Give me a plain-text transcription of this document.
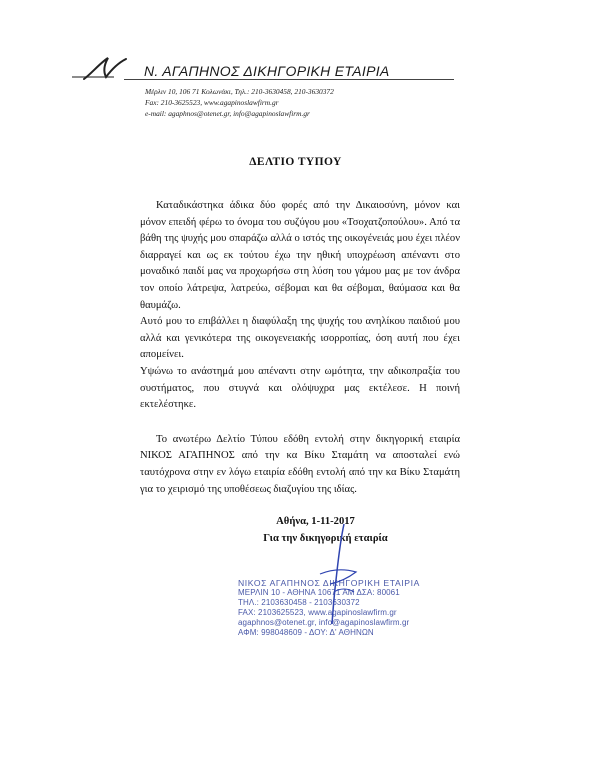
Ν. ΑΓΑΠΗΝΟΣ ΔΙΚΗΓΟΡΙΚΗ ΕΤΑΙΡΙΑ
Μέρλιν 10, 106 71 Κολωνάκι, Τηλ.: 210-3630458, 210-3630372
Fax: 210-3625523, www.agapinoslawfirm.gr
e-mail: agaphnos@otenet.gr, info@agapinoslawfirm.gr
ΔΕΛΤΙΟ ΤΥΠΟΥ
Καταδικάστηκα άδικα δύο φορές από την Δικαιοσύνη, μόνον και μόνον επειδή φέρω το όνομα του συζύγου μου «Τσοχατζοπούλου». Από τα βάθη της ψυχής μου σπαράζω αλλά ο ιστός της οικογένειάς μου έχει πλέον διαρραγεί και ως εκ τούτου έχω την ηθική υποχρέωση απέναντι στο μοναδικό παιδί μας να προχωρήσω στη λύση του γάμου μας με τον άνδρα τον οποίο λάτρεψα, λατρεύω, σέβομαι και θα σέβομαι, θαύμασα και θα θαυμάζω.
Αυτό μου το επιβάλλει η διαφύλαξη της ψυχής του ανηλίκου παιδιού μου αλλά και γενικότερα της οικογενειακής ισορροπίας, όση αυτή που έχει απομείνει.
Υψώνω το ανάστημά μου απέναντι στην ωμότητα, την αδικοπραξία του συστήματος, που στυγνά και ολόψυχρα μας εκτέλεσε. Η ποινή εκτελέστηκε.
Το ανωτέρω Δελτίο Τύπου εδόθη εντολή στην δικηγορική εταιρία ΝΙΚΟΣ ΑΓΑΠΗΝΟΣ από την κα Βίκυ Σταμάτη να αποσταλεί ενώ ταυτόχρονα στην εν λόγω εταιρία εδόθη εντολή από την κα Βίκυ Σταμάτη για το χειρισμό της υποθέσεως διαζυγίου της ιδίας.
Αθήνα, 1-11-2017
Για την δικηγορική εταιρία
ΝΙΚΟΣ ΑΓΑΠΗΝΟΣ ΔΙΚΗΓΟΡΙΚΗ ΕΤΑΙΡΙΑ
ΜΕΡΛΙΝ 10 - ΑΘΗΝΑ 10671 ΑΜ ΔΣΑ: 80061
ΤΗΛ.: 2103630458 - 2103630372
FAX: 2103625523, www.agapinoslawfirm.gr
agaphnos@otenet.gr, info@agapinoslawfirm.gr
ΑΦΜ: 998048609 - ΔΟΥ: Δ' ΑΘΗΝΩΝ
